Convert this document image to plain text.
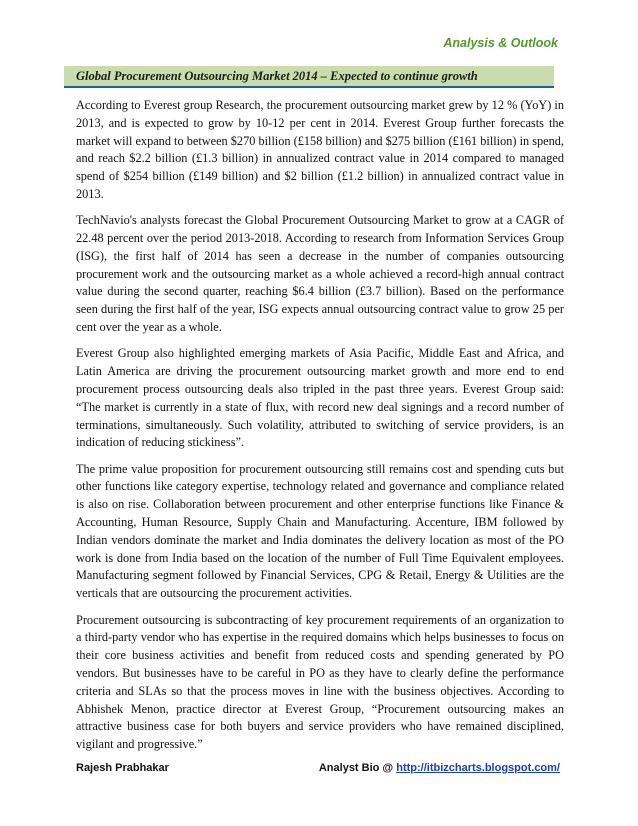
Analysis & Outlook
Global Procurement Outsourcing Market 2014 – Expected to continue growth

According to Everest group Research, the procurement outsourcing market grew by 12 % (YoY) in 2013, and is expected to grow by 10-12 per cent in 2014. Everest Group further forecasts the market will expand to between $270 billion (£158 billion) and $275 billion (£161 billion) in spend, and reach $2.2 billion (£1.3 billion) in annualized contract value in 2014 compared to managed spend of $254 billion (£149 billion) and $2 billion (£1.2 billion) in annualized contract value in 2013.

TechNavio's analysts forecast the Global Procurement Outsourcing Market to grow at a CAGR of 22.48 percent over the period 2013-2018. According to research from Information Services Group (ISG), the first half of 2014 has seen a decrease in the number of companies outsourcing procurement work and the outsourcing market as a whole achieved a record-high annual contract value during the second quarter, reaching $6.4 billion (£3.7 billion). Based on the performance seen during the first half of the year, ISG expects annual outsourcing contract value to grow 25 per cent over the year as a whole.

Everest Group also highlighted emerging markets of Asia Pacific, Middle East and Africa, and Latin America are driving the procurement outsourcing market growth and more end to end procurement process outsourcing deals also tripled in the past three years. Everest Group said: “The market is currently in a state of flux, with record new deal signings and a record number of terminations, simultaneously. Such volatility, attributed to switching of service providers, is an indication of reducing stickiness”.

The prime value proposition for procurement outsourcing still remains cost and spending cuts but other functions like category expertise, technology related and governance and compliance related is also on rise. Collaboration between procurement and other enterprise functions like Finance & Accounting, Human Resource, Supply Chain and Manufacturing. Accenture, IBM followed by Indian vendors dominate the market and India dominates the delivery location as most of the PO work is done from India based on the location of the number of Full Time Equivalent employees. Manufacturing segment followed by Financial Services, CPG & Retail, Energy & Utilities are the verticals that are outsourcing the procurement activities.

Procurement outsourcing is subcontracting of key procurement requirements of an organization to a third-party vendor who has expertise in the required domains which helps businesses to focus on their core business activities and benefit from reduced costs and spending generated by PO vendors. But businesses have to be careful in PO as they have to clearly define the performance criteria and SLAs so that the process moves in line with the business objectives. According to Abhishek Menon, practice director at Everest Group, “Procurement outsourcing makes an attractive business case for both buyers and service providers who have remained disciplined, vigilant and progressive.”

Rajesh Prabhakar	Analyst Bio @ http://itbizcharts.blogspot.com/
